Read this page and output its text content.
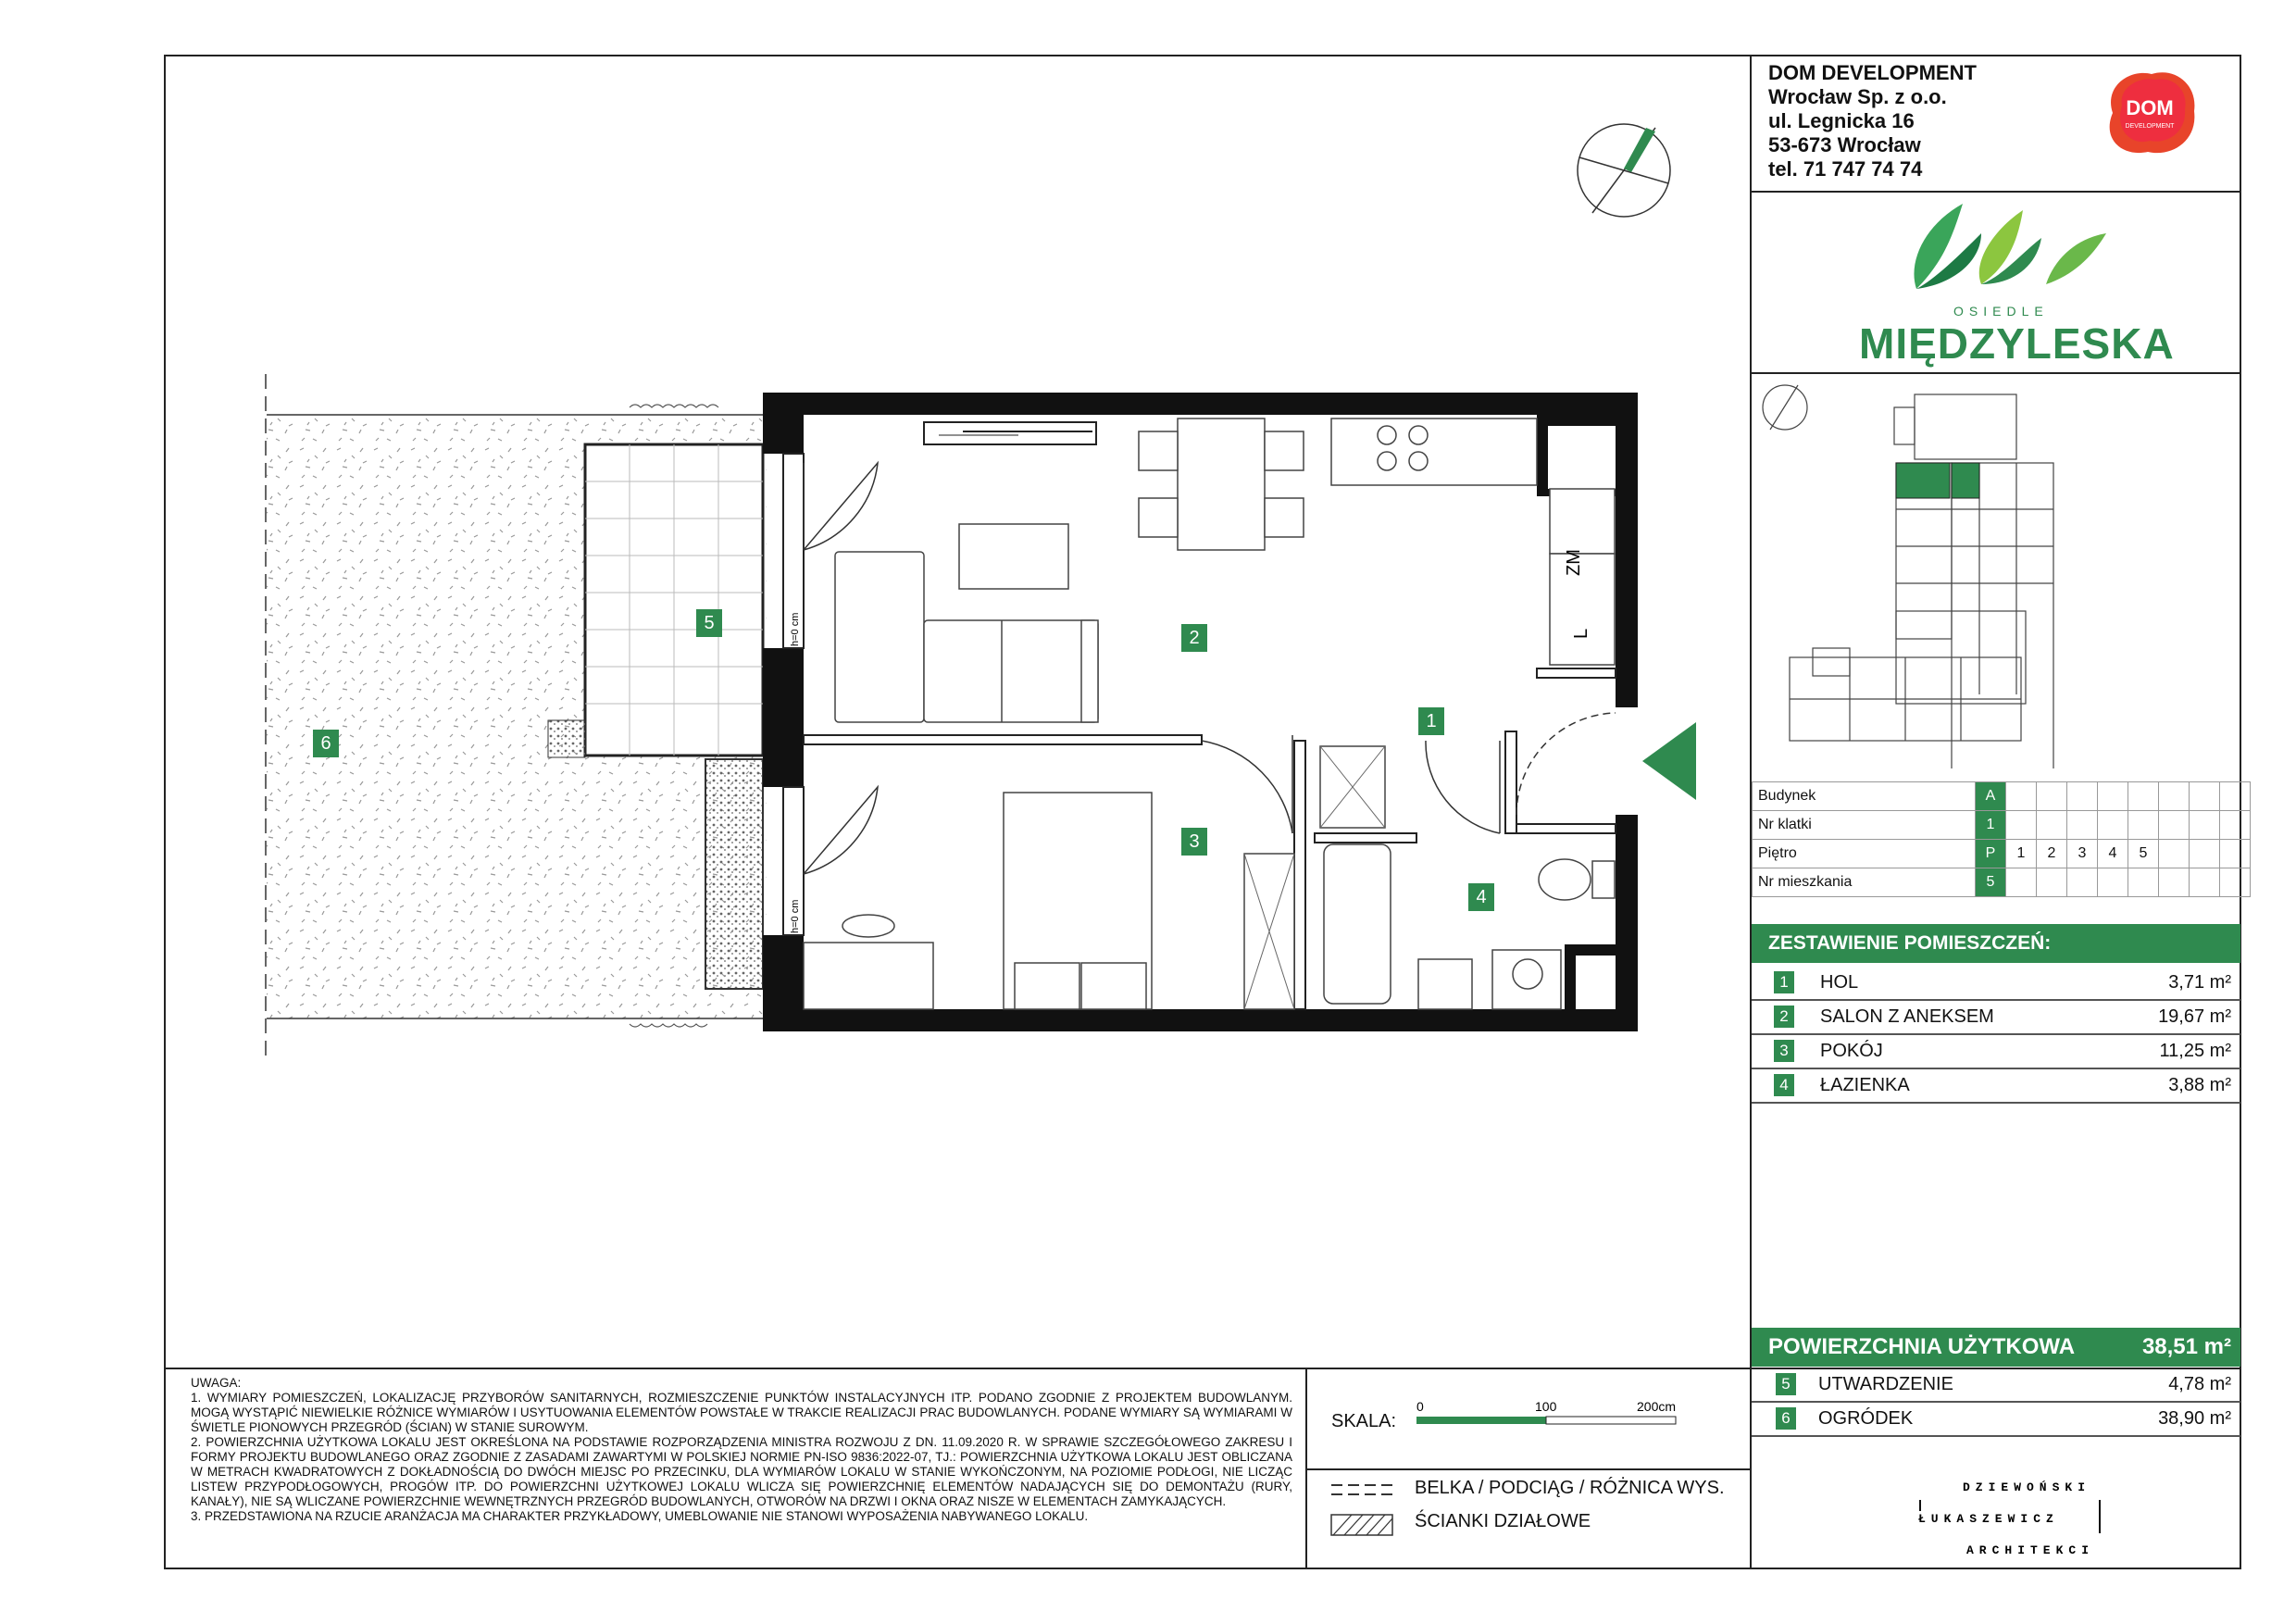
DOM DEVELOPMENT
Wrocław Sp. z o.o.
ul. Legnicka 16
53-673 Wrocław
tel. 71 747 74 74
DOM
DEVELOPMENT
OSIEDLE
MIĘDZYLESKA
Budynek	A								
Nr klatki	1								
Piętro	P	1	2	3	4	5			
Nr mieszkania	5								
ZESTAWIENIE POMIESZCZEŃ:
1	HOL	3,71 m²
2	SALON Z ANEKSEM	19,67 m²
3	POKÓJ	11,25 m²
4	ŁAZIENKA	3,88 m²
POWIERZCHNIA UŻYTKOWA	38,51 m²
5	UTWARDZENIE	4,78 m²
6	OGRÓDEK	38,90 m²

UWAGA:

1. WYMIARY POMIESZCZEŃ, LOKALIZACJĘ PRZYBORÓW SANITARNYCH, ROZMIESZCZENIE PUNKTÓW INSTALACYJNYCH ITP. PODANO ZGODNIE Z PROJEKTEM BUDOWLANYM. MOGĄ WYSTĄPIĆ NIEWIELKIE RÓŻNICE WYMIARÓW I USYTUOWANIA ELEMENTÓW POWSTAŁE W TRAKCIE REALIZACJI PRAC BUDOWLANYCH. PODANE WYMIARY SĄ WYMIARAMI W ŚWIETLE PIONOWYCH PRZEGRÓD (ŚCIAN) W STANIE SUROWYM.

2. POWIERZCHNIA UŻYTKOWA LOKALU JEST OKREŚLONA NA PODSTAWIE ROZPORZĄDZENIA MINISTRA ROZWOJU Z DN. 11.09.2020 R. W SPRAWIE SZCZEGÓŁOWEGO ZAKRESU I FORMY PROJEKTU BUDOWLANEGO ORAZ ZGODNIE Z ZASADAMI ZAWARTYMI W POLSKIEJ NORMIE PN-ISO 9836:2022-07, TJ.: POWIERZCHNIA UŻYTKOWA LOKALU JEST OBLICZANA W METRACH KWADRATOWYCH Z DOKŁADNOŚCIĄ DO DWÓCH MIEJSC PO PRZECINKU, DLA WYMIARÓW LOKALU W STANIE WYKOŃCZONYM, NA POZIOMIE PODŁOGI, NIE LICZĄC LISTEW PRZYPODŁOGOWYCH, PROGÓW ITP. DO POWIERZCHNI UŻYTKOWEJ LOKALU WLICZA SIĘ POWIERZCHNIĘ ELEMENTÓW NADAJĄCYCH SIĘ DO DEMONTAŻU (RURY, KANAŁY), NIE SĄ WLICZANE POWIERZCHNIE WEWNĘTRZNYCH PRZEGRÓD BUDOWLANYCH, OTWORÓW NA DRZWI I OKNA ORAZ NISZE W ELEMENTACH ZAMYKAJĄCYCH.

3. PRZEDSTAWIONA NA RZUCIE ARANŻACJA MA CHARAKTER PRZYKŁADOWY, UMEBLOWANIE NIE STANOWI WYPOSAŻENIA NABYWANEGO LOKALU.

SKALA:
0	100	200cm
BELKA / PODCIĄG / RÓŻNICA WYS.
ŚCIANKI DZIAŁOWE
DZIEWOŃSKI
ŁUKASZEWICZ
ARCHITEKCI
ZM
L
h=0 cm
h=0 cm
1
2
3
4
5
6
